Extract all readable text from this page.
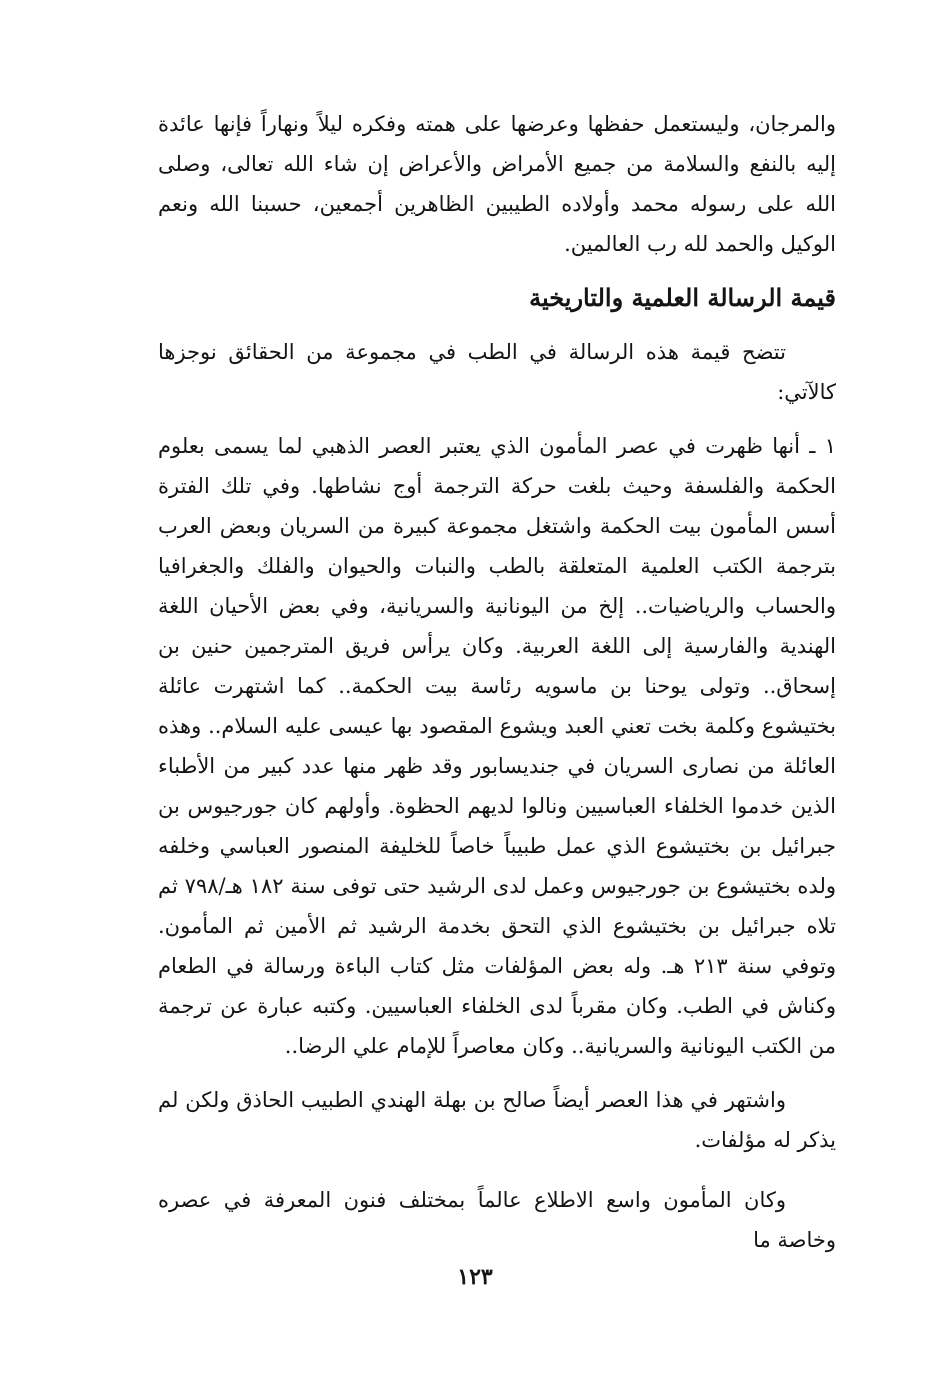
والمرجان، وليستعمل حفظها وعرضها على همته وفكره ليلاً ونهاراً فإنها عائدة إليه بالنفع والسلامة من جميع الأمراض والأعراض إن شاء الله تعالى، وصلى الله على رسوله محمد وأولاده الطيبين الظاهرين أجمعين، حسبنا الله ونعم الوكيل والحمد لله رب العالمين.

قيمة الرسالة العلمية والتاريخية

تتضح قيمة هذه الرسالة في الطب في مجموعة من الحقائق نوجزها كالآتي:

١ ـ أنها ظهرت في عصر المأمون الذي يعتبر العصر الذهبي لما يسمى بعلوم الحكمة والفلسفة وحيث بلغت حركة الترجمة أوج نشاطها. وفي تلك الفترة أسس المأمون بيت الحكمة واشتغل مجموعة كبيرة من السريان وبعض العرب بترجمة الكتب العلمية المتعلقة بالطب والنبات والحيوان والفلك والجغرافيا والحساب والرياضيات.. إلخ من اليونانية والسريانية، وفي بعض الأحيان اللغة الهندية والفارسية إلى اللغة العربية. وكان يرأس فريق المترجمين حنين بن إسحاق.. وتولى يوحنا بن ماسويه رئاسة بيت الحكمة.. كما اشتهرت عائلة بختيشوع وكلمة بخت تعني العبد ويشوع المقصود بها عيسى عليه السلام.. وهذه العائلة من نصارى السريان في جنديسابور وقد ظهر منها عدد كبير من الأطباء الذين خدموا الخلفاء العباسيين ونالوا لديهم الحظوة. وأولهم كان جورجيوس بن جبرائيل بن بختيشوع الذي عمل طبيباً خاصاً للخليفة المنصور العباسي وخلفه ولده بختيشوع بن جورجيوس وعمل لدى الرشيد حتى توفى سنة ١٨٢ هـ/٧٩٨ ثم تلاه جبرائيل بن بختيشوع الذي التحق بخدمة الرشيد ثم الأمين ثم المأمون. وتوفي سنة ٢١٣ هـ. وله بعض المؤلفات مثل كتاب الباءة ورسالة في الطعام وكناش في الطب. وكان مقرباً لدى الخلفاء العباسيين. وكتبه عبارة عن ترجمة من الكتب اليونانية والسريانية.. وكان معاصراً للإمام علي الرضا..

واشتهر في هذا العصر أيضاً صالح بن بهلة الهندي الطبيب الحاذق ولكن لم يذكر له مؤلفات.

وكان المأمون واسع الاطلاع عالماً بمختلف فنون المعرفة في عصره وخاصة ما

١٢٣
